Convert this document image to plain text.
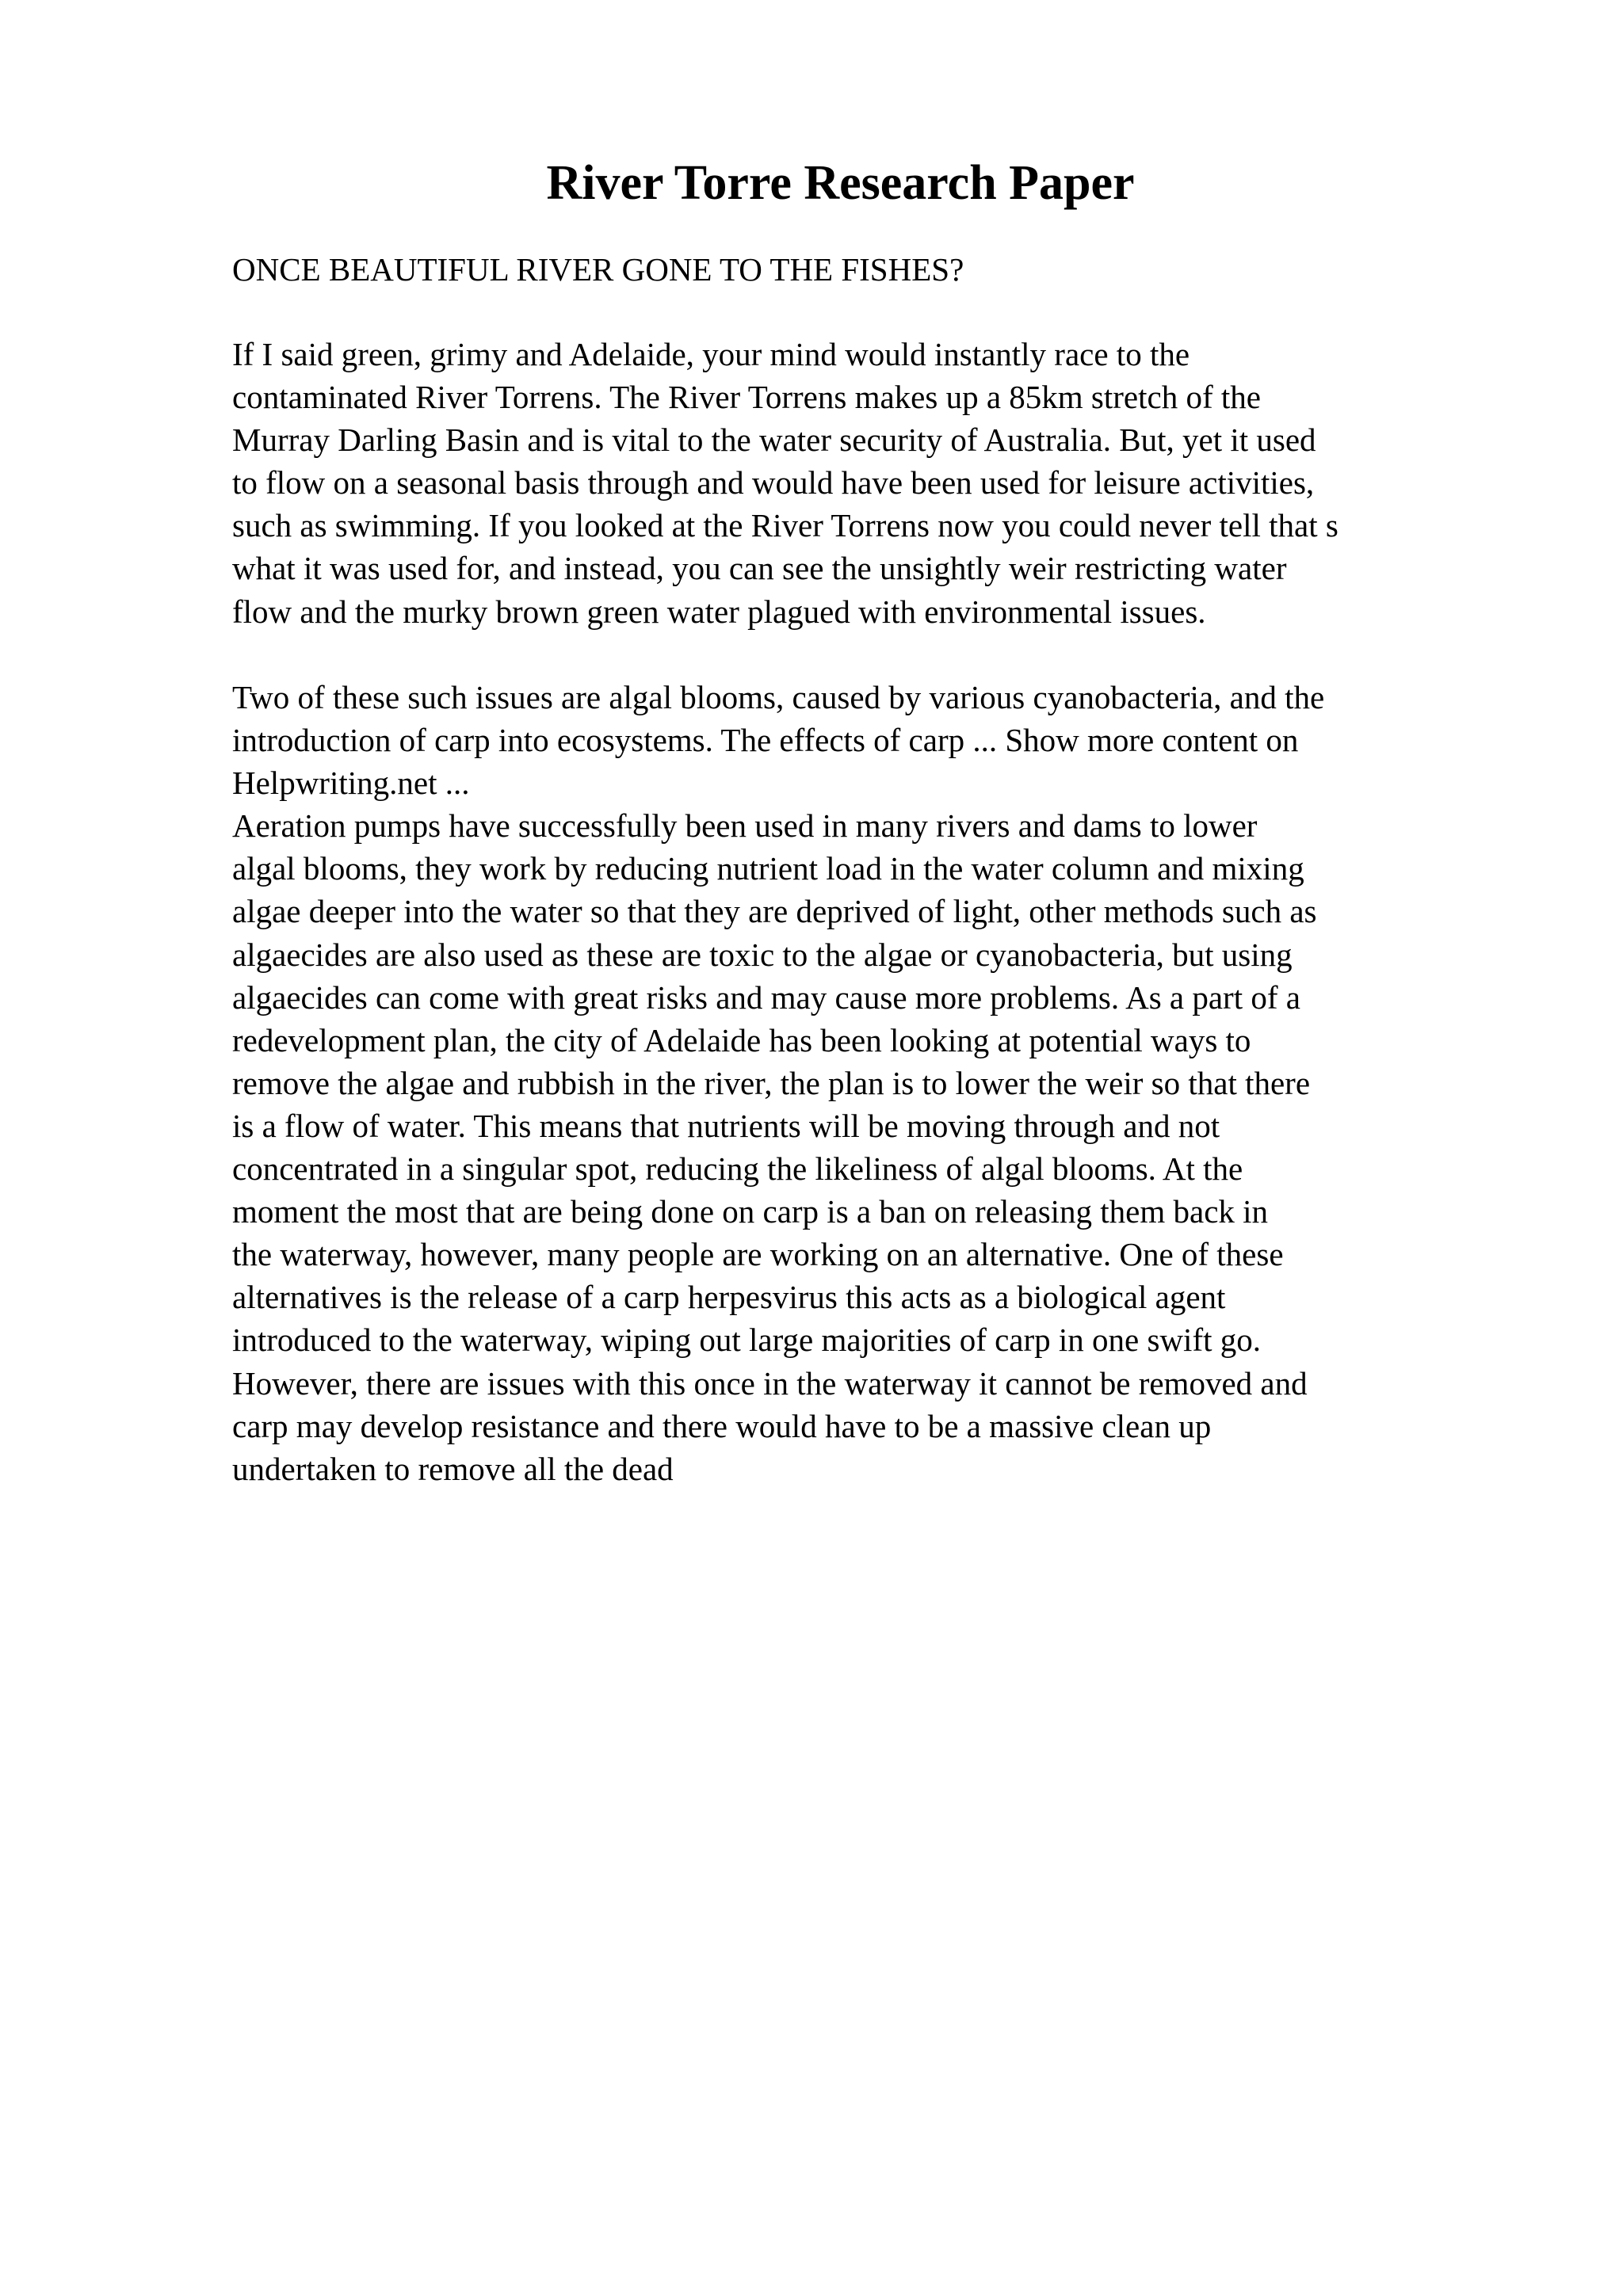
River Torre Research Paper
ONCE BEAUTIFUL RIVER GONE TO THE FISHES?
If I said green, grimy and Adelaide, your mind would instantly race to the
contaminated River Torrens. The River Torrens makes up a 85km stretch of the
Murray Darling Basin and is vital to the water security of Australia. But, yet it used
to flow on a seasonal basis through and would have been used for leisure activities,
such as swimming. If you looked at the River Torrens now you could never tell that s
what it was used for, and instead, you can see the unsightly weir restricting water
flow and the murky brown green water plagued with environmental issues.
Two of these such issues are algal blooms, caused by various cyanobacteria, and the
introduction of carp into ecosystems. The effects of carp ... Show more content on
Helpwriting.net ...
Aeration pumps have successfully been used in many rivers and dams to lower
algal blooms, they work by reducing nutrient load in the water column and mixing
algae deeper into the water so that they are deprived of light, other methods such as
algaecides are also used as these are toxic to the algae or cyanobacteria, but using
algaecides can come with great risks and may cause more problems. As a part of a
redevelopment plan, the city of Adelaide has been looking at potential ways to
remove the algae and rubbish in the river, the plan is to lower the weir so that there
is a flow of water. This means that nutrients will be moving through and not
concentrated in a singular spot, reducing the likeliness of algal blooms. At the
moment the most that are being done on carp is a ban on releasing them back in
the waterway, however, many people are working on an alternative. One of these
alternatives is the release of a carp herpesvirus this acts as a biological agent
introduced to the waterway, wiping out large majorities of carp in one swift go.
However, there are issues with this once in the waterway it cannot be removed and
carp may develop resistance and there would have to be a massive clean up
undertaken to remove all the dead
